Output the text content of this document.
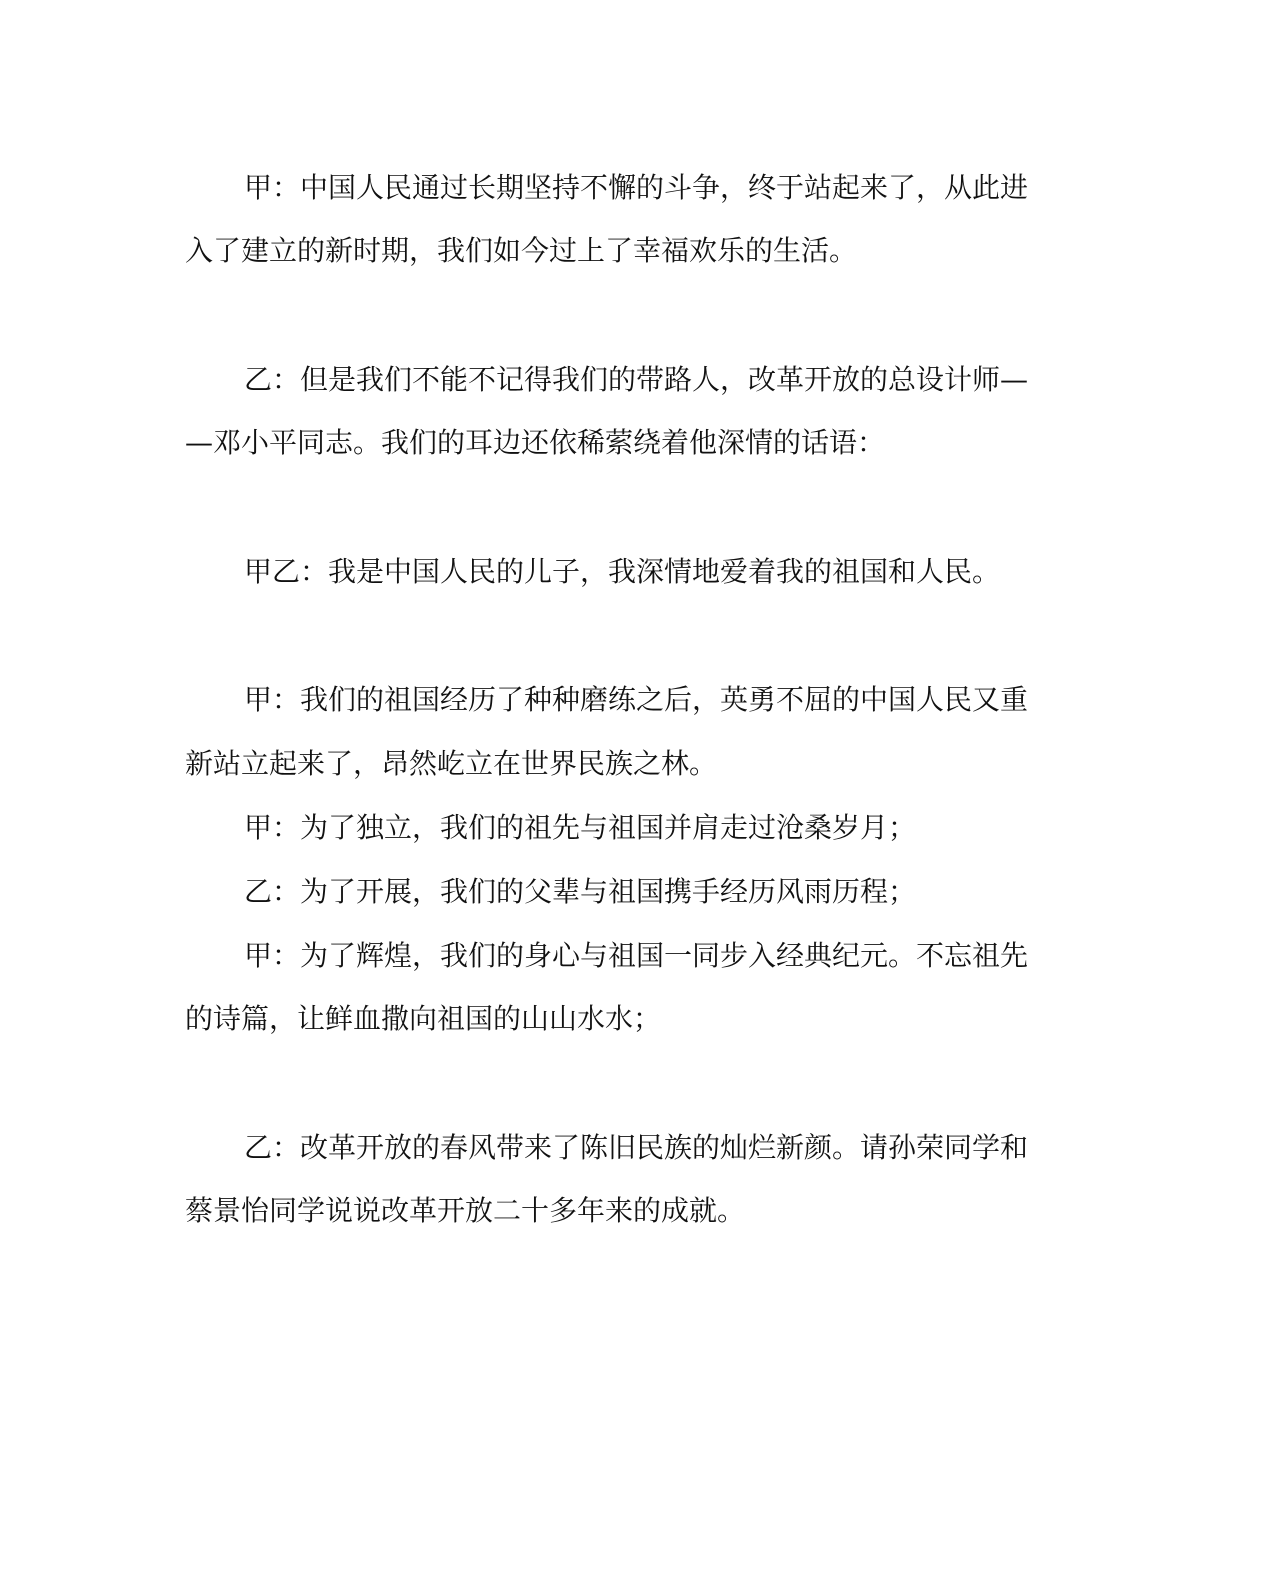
甲：中国人民通过长期坚持不懈的斗争，终于站起来了，从此进
入了建立的新时期，我们如今过上了幸福欢乐的生活。
乙：但是我们不能不记得我们的带路人，改革开放的总设计师—
—邓小平同志。我们的耳边还依稀萦绕着他深情的话语：
甲乙：我是中国人民的儿子，我深情地爱着我的祖国和人民。
甲：我们的祖国经历了种种磨练之后，英勇不屈的中国人民又重
新站立起来了，昂然屹立在世界民族之林。
甲：为了独立，我们的祖先与祖国并肩走过沧桑岁月；
乙：为了开展，我们的父辈与祖国携手经历风雨历程；
甲：为了辉煌，我们的身心与祖国一同步入经典纪元。不忘祖先
的诗篇，让鲜血撒向祖国的山山水水；
乙：改革开放的春风带来了陈旧民族的灿烂新颜。请孙荣同学和
蔡景怡同学说说改革开放二十多年来的成就。
